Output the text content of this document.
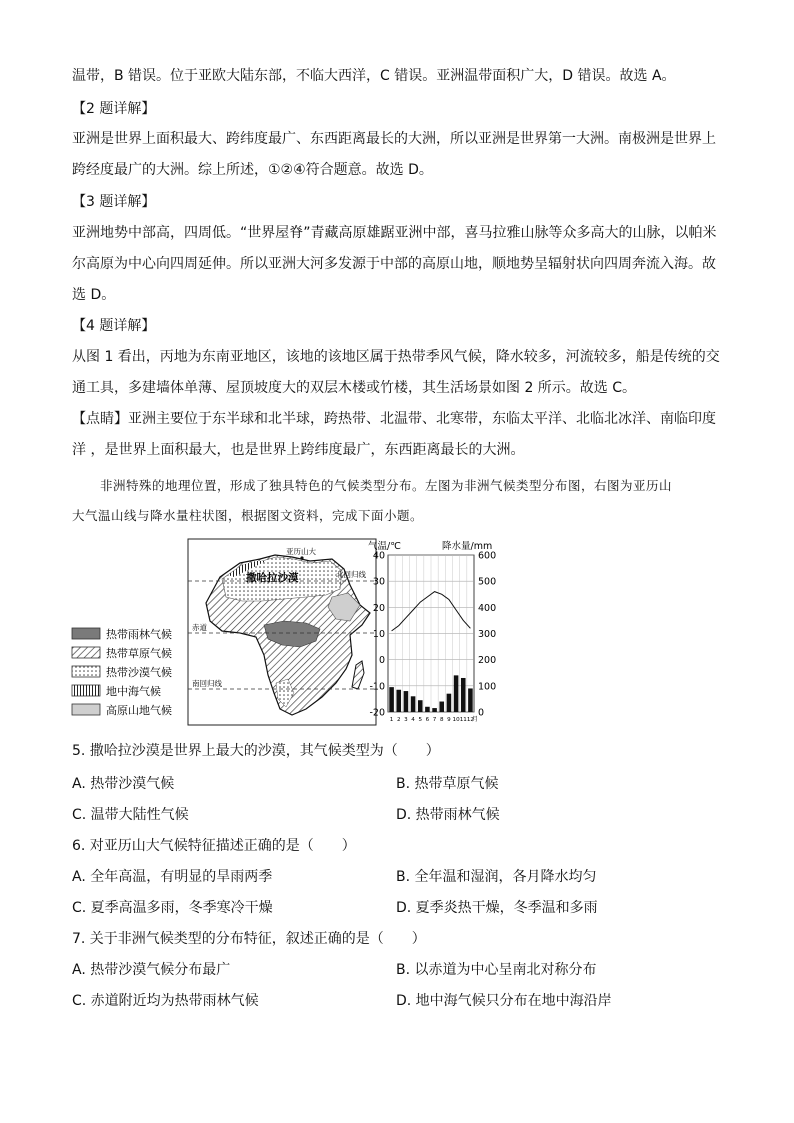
温带，B 错误。位于亚欧大陆东部，不临大西洋，C 错误。亚洲温带面积广大，D 错误。故选 A。
【2 题详解】
亚洲是世界上面积最大、跨纬度最广、东西距离最长的大洲，所以亚洲是世界第一大洲。南极洲是世界上
跨经度最广的大洲。综上所述，①②④符合题意。故选 D。
【3 题详解】
亚洲地势中部高，四周低。“世界屋脊”青藏高原雄踞亚洲中部，喜马拉雅山脉等众多高大的山脉，以帕米
尔高原为中心向四周延伸。所以亚洲大河多发源于中部的高原山地，顺地势呈辐射状向四周奔流入海。故
选 D。
【4 题详解】
从图 1 看出，丙地为东南亚地区，该地的该地区属于热带季风气候，降水较多，河流较多，船是传统的交
通工具，多建墙体单薄、屋顶坡度大的双层木楼或竹楼，其生活场景如图 2 所示。故选 C。
【点睛】亚洲主要位于东半球和北半球，跨热带、北温带、北寒带，东临太平洋、北临北冰洋、南临印度
洋 ，是世界上面积最大，也是世界上跨纬度最广，东西距离最长的大洲。
非洲特殊的地理位置，形成了独具特色的气候类型分布。左图为非洲气候类型分布图，右图为亚历山
大气温山线与降水量柱状图，根据图文资料，完成下面小题。
热带雨林气候
热带草原气候
热带沙漠气候
地中海气候
高原山地气候
亚历山大
撒哈拉沙漠	北回归线
赤道
南回归线
气温/℃	降水量/mm
40
30
20
10
0
-10
-20
600
500
400
300
200
100
0
1 2 3 4 5 6 7 8 9 10 11 12
月
5. 撒哈拉沙漠是世界上最大的沙漠，其气候类型为（　　）
A. 热带沙漠气候	B. 热带草原气候
C. 温带大陆性气候	D. 热带雨林气候
6. 对亚历山大气候特征描述正确的是（　　）
A. 全年高温，有明显的旱雨两季	B. 全年温和湿润，各月降水均匀
C. 夏季高温多雨，冬季寒冷干燥	D. 夏季炎热干燥，冬季温和多雨
7. 关于非洲气候类型的分布特征，叙述正确的是（　　）
A. 热带沙漠气候分布最广	B. 以赤道为中心呈南北对称分布
C. 赤道附近均为热带雨林气候	D. 地中海气候只分布在地中海沿岸
